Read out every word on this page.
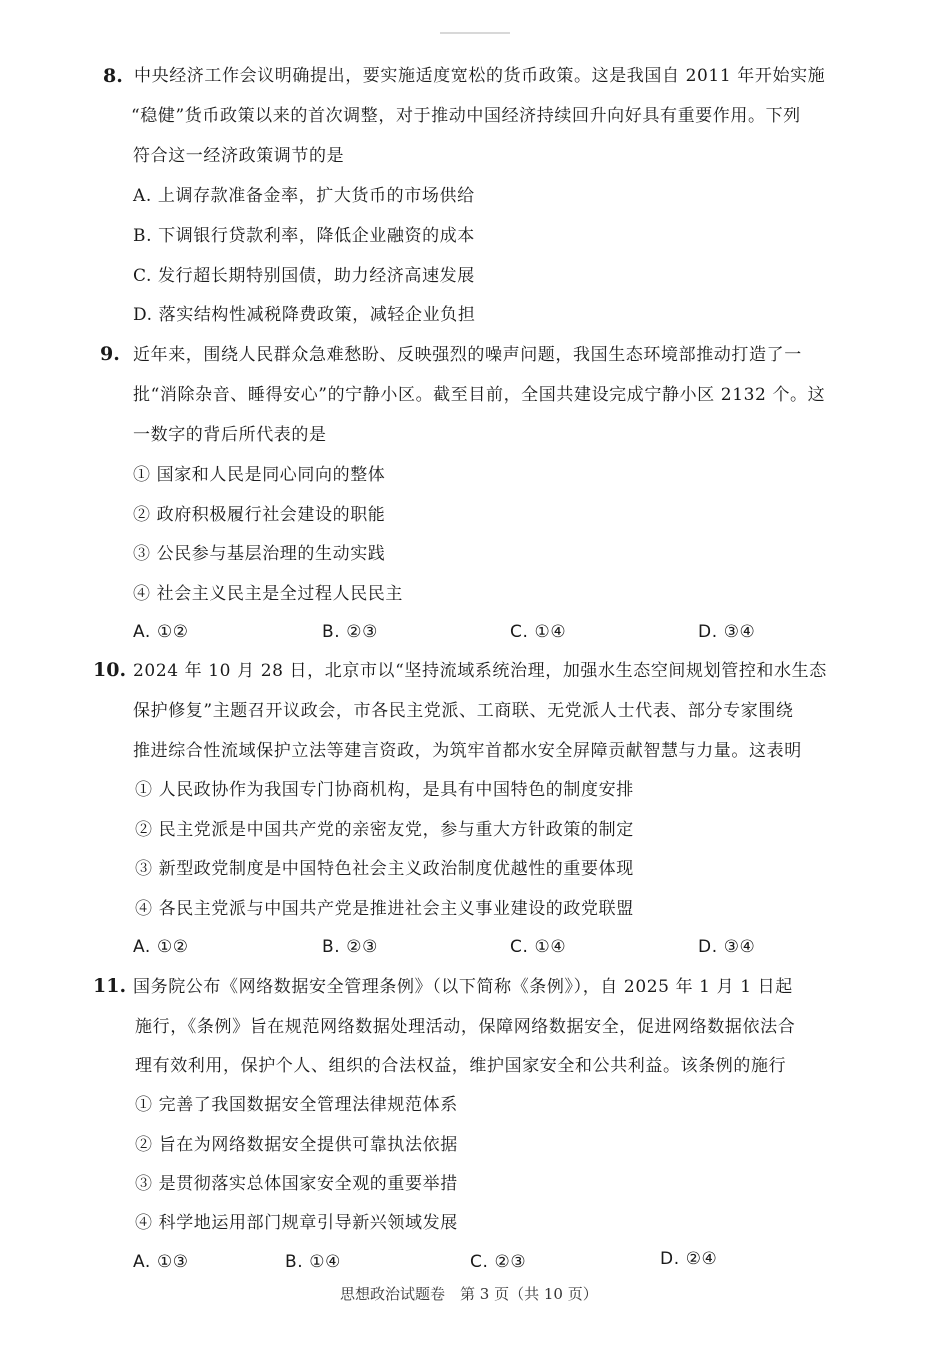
8. 中央经济工作会议明确提出，要实施适度宽松的货币政策。这是我国自 2011 年开始实施
“稳健”货币政策以来的首次调整，对于推动中国经济持续回升向好具有重要作用。下列
符合这一经济政策调节的是
A. 上调存款准备金率，扩大货币的市场供给
B. 下调银行贷款利率，降低企业融资的成本
C. 发行超长期特别国债，助力经济高速发展
D. 落实结构性减税降费政策，减轻企业负担
9. 近年来，围绕人民群众急难愁盼、反映强烈的噪声问题，我国生态环境部推动打造了一
批“消除杂音、睡得安心”的宁静小区。截至目前，全国共建设完成宁静小区 2132 个。这
一数字的背后所代表的是
① 国家和人民是同心同向的整体
② 政府积极履行社会建设的职能
③ 公民参与基层治理的生动实践
④ 社会主义民主是全过程人民民主
A. ①②	B. ②③	C. ①④	D. ③④
10. 2024 年 10 月 28 日，北京市以“坚持流域系统治理，加强水生态空间规划管控和水生态
保护修复”主题召开议政会，市各民主党派、工商联、无党派人士代表、部分专家围绕
推进综合性流域保护立法等建言资政，为筑牢首都水安全屏障贡献智慧与力量。这表明
① 人民政协作为我国专门协商机构，是具有中国特色的制度安排
② 民主党派是中国共产党的亲密友党，参与重大方针政策的制定
③ 新型政党制度是中国特色社会主义政治制度优越性的重要体现
④ 各民主党派与中国共产党是推进社会主义事业建设的政党联盟
A. ①②	B. ②③	C. ①④	D. ③④
11. 国务院公布《网络数据安全管理条例》（以下简称《条例》），自 2025 年 1 月 1 日起
施行，《条例》旨在规范网络数据处理活动，保障网络数据安全，促进网络数据依法合
理有效利用，保护个人、组织的合法权益，维护国家安全和公共利益。该条例的施行
① 完善了我国数据安全管理法律规范体系
② 旨在为网络数据安全提供可靠执法依据
③ 是贯彻落实总体国家安全观的重要举措
④ 科学地运用部门规章引导新兴领域发展
A. ①③	B. ①④	C. ②③	D. ②④
思想政治试题卷　第 3 页（共 10 页）
